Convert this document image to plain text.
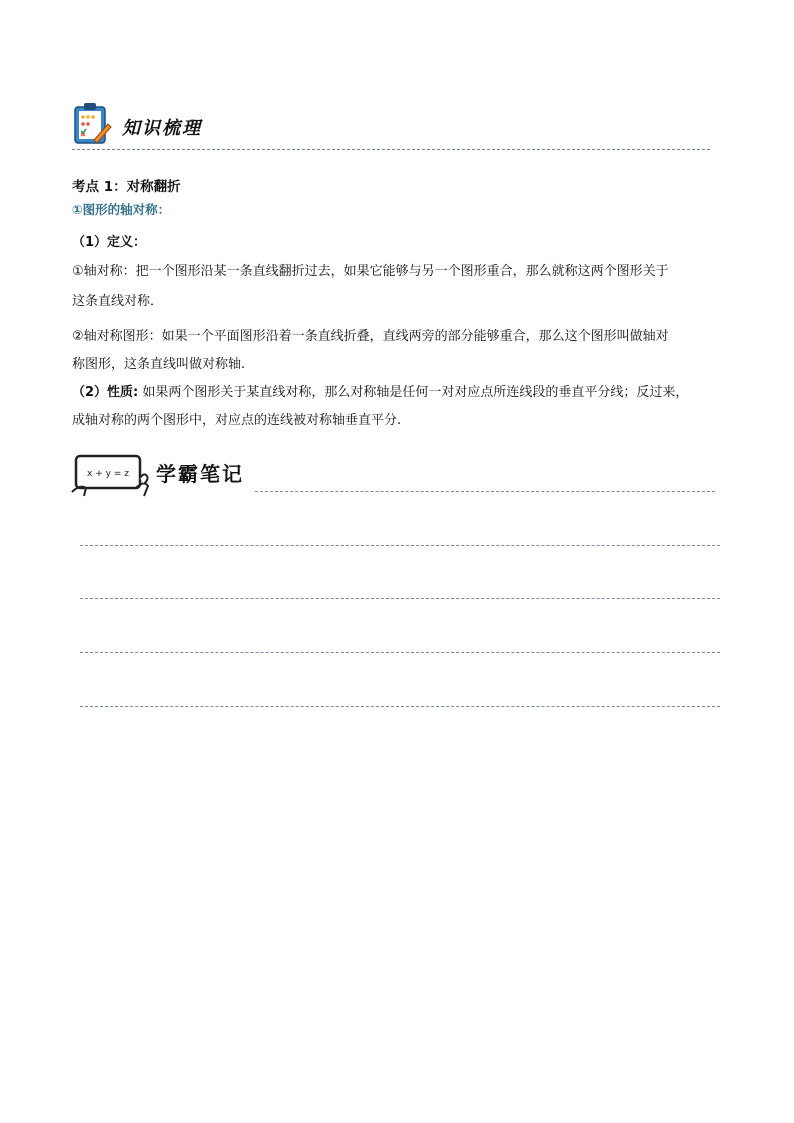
知识梳理
考点 1：对称翻折
①图形的轴对称：
（1）定义：
①轴对称：把一个图形沿某一条直线翻折过去，如果它能够与另一个图形重合，那么就称这两个图形关于
这条直线对称．
②轴对称图形：如果一个平面图形沿着一条直线折叠，直线两旁的部分能够重合，那么这个图形叫做轴对
称图形，这条直线叫做对称轴.
（2）性质: 如果两个图形关于某直线对称，那么对称轴是任何一对对应点所连线段的垂直平分线；反过来，
成轴对称的两个图形中，对应点的连线被对称轴垂直平分.
x + y = z 学霸笔记
